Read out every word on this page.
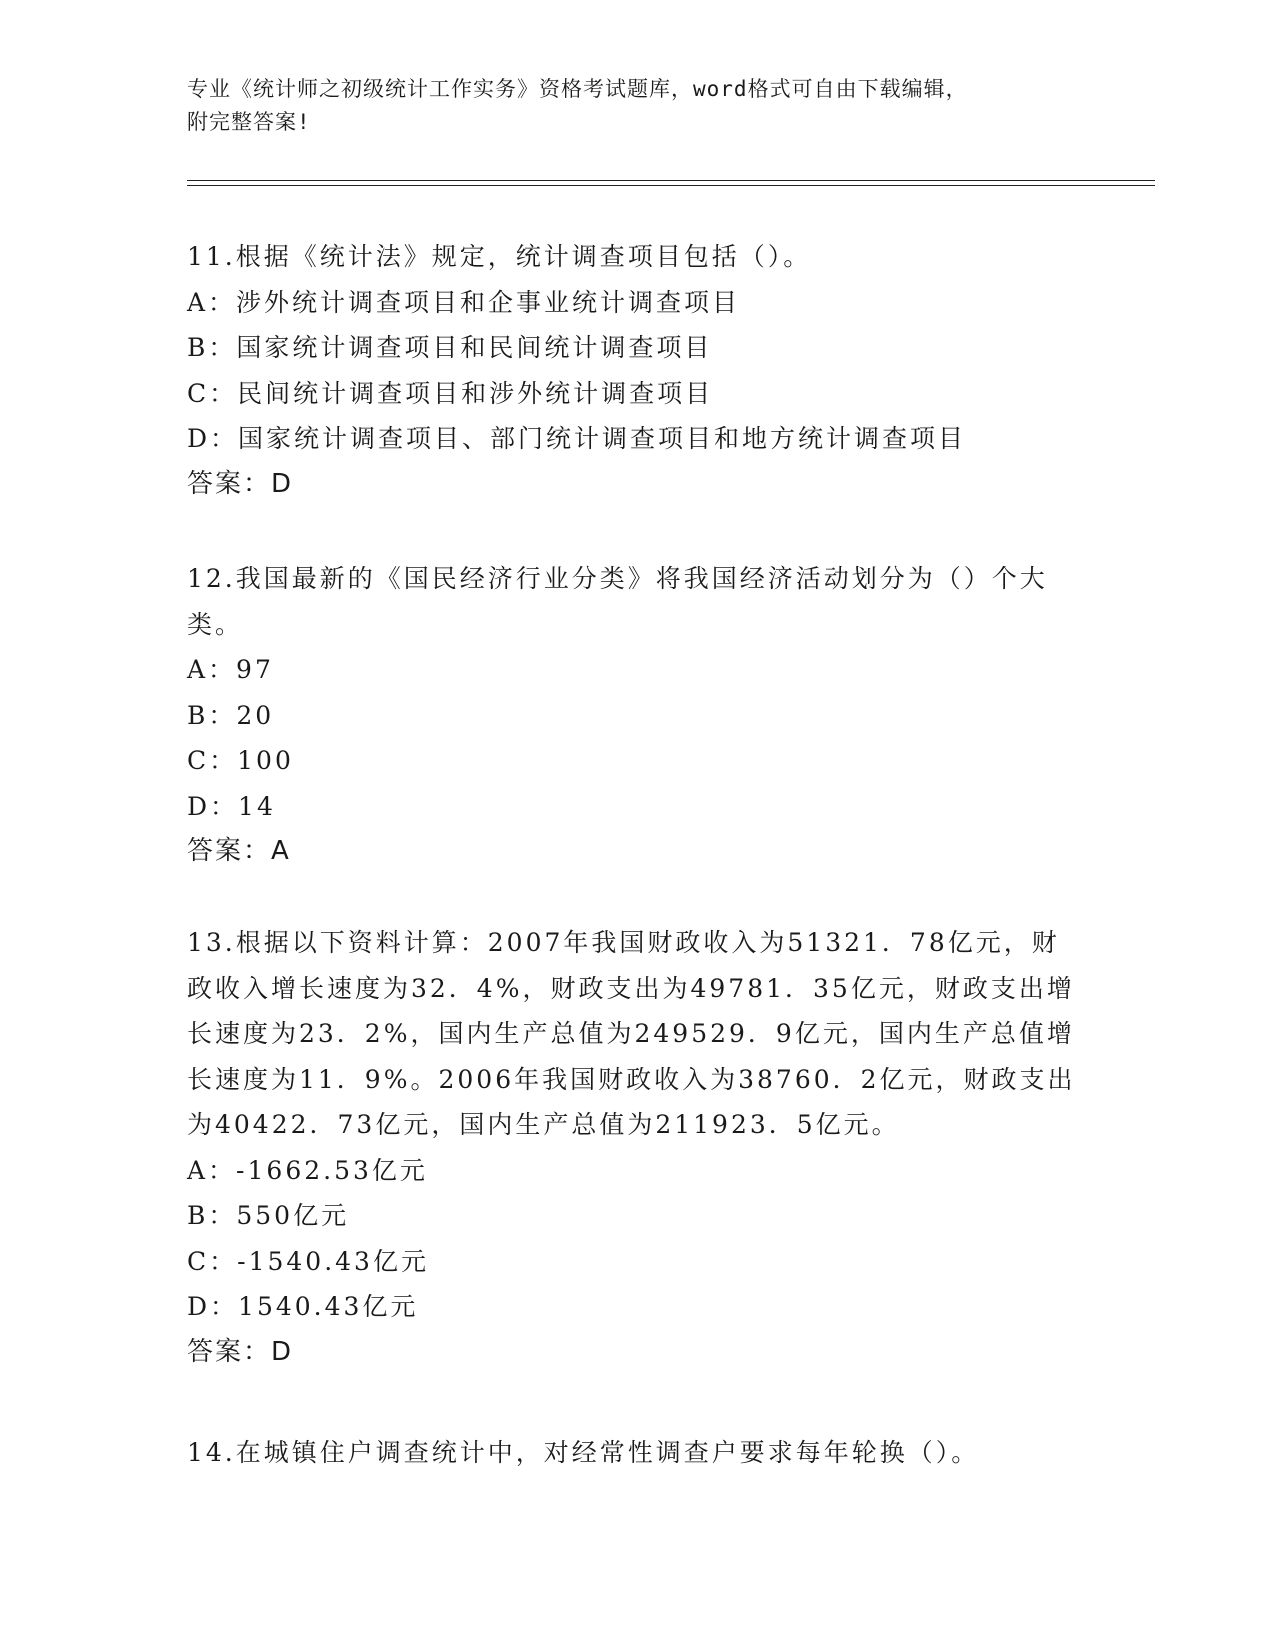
专业《统计师之初级统计工作实务》资格考试题库，word格式可自由下载编辑，
附完整答案!
11.根据《统计法》规定，统计调查项目包括（）。
A：涉外统计调查项目和企事业统计调查项目
B：国家统计调查项目和民间统计调查项目
C：民间统计调查项目和涉外统计调查项目
D：国家统计调查项目、部门统计调查项目和地方统计调查项目
答案：D
12.我国最新的《国民经济行业分类》将我国经济活动划分为（）个大类。
A：97
B：20
C：100
D：14
答案：A
13.根据以下资料计算：2007年我国财政收入为51321．78亿元，财政收入增长速度为32．4%，财政支出为49781．35亿元，财政支出增长速度为23．2%，国内生产总值为249529．9亿元，国内生产总值增长速度为11．9%。2006年我国财政收入为38760．2亿元，财政支出为40422．73亿元，国内生产总值为211923．5亿元。
A：-1662.53亿元
B：550亿元
C：-1540.43亿元
D：1540.43亿元
答案：D
14.在城镇住户调查统计中，对经常性调查户要求每年轮换（）。
